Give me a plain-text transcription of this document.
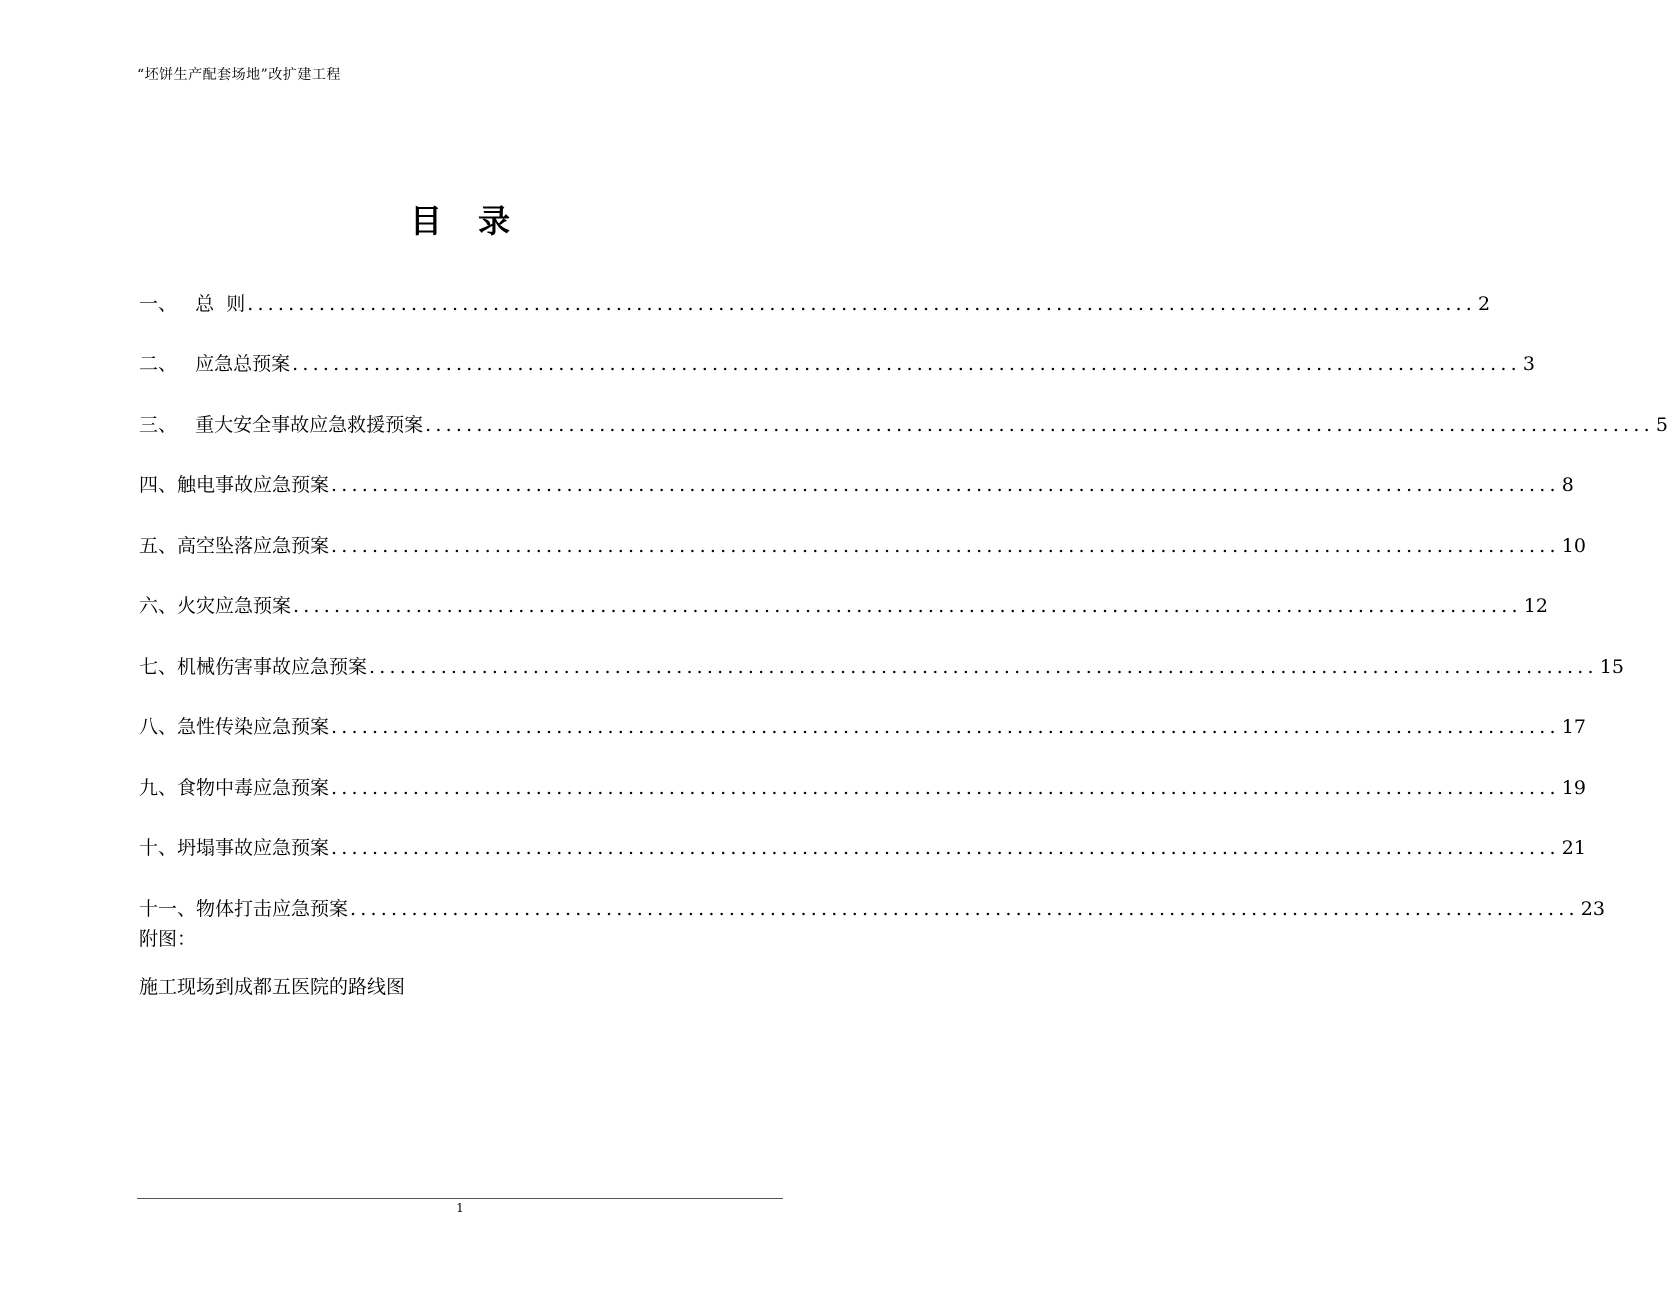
“坯饼生产配套场地”改扩建工程
目录
一、   总  则 ........................................................................................................................ 2
二、   应急总预案 ........................................................................................................................ 3
三、   重大安全事故应急救援预案 ........................................................................................................................ 5
四、触电事故应急预案 ........................................................................................................................ 8
五、高空坠落应急预案 ........................................................................................................................ 10
六、火灾应急预案 ........................................................................................................................ 12
七、机械伤害事故应急预案 ........................................................................................................................ 15
八、急性传染应急预案 ........................................................................................................................ 17
九、食物中毒应急预案 ........................................................................................................................ 19
十、坍塌事故应急预案 ........................................................................................................................ 21
十一、物体打击应急预案 ........................................................................................................................ 23
附图：
施工现场到成都五医院的路线图
1
